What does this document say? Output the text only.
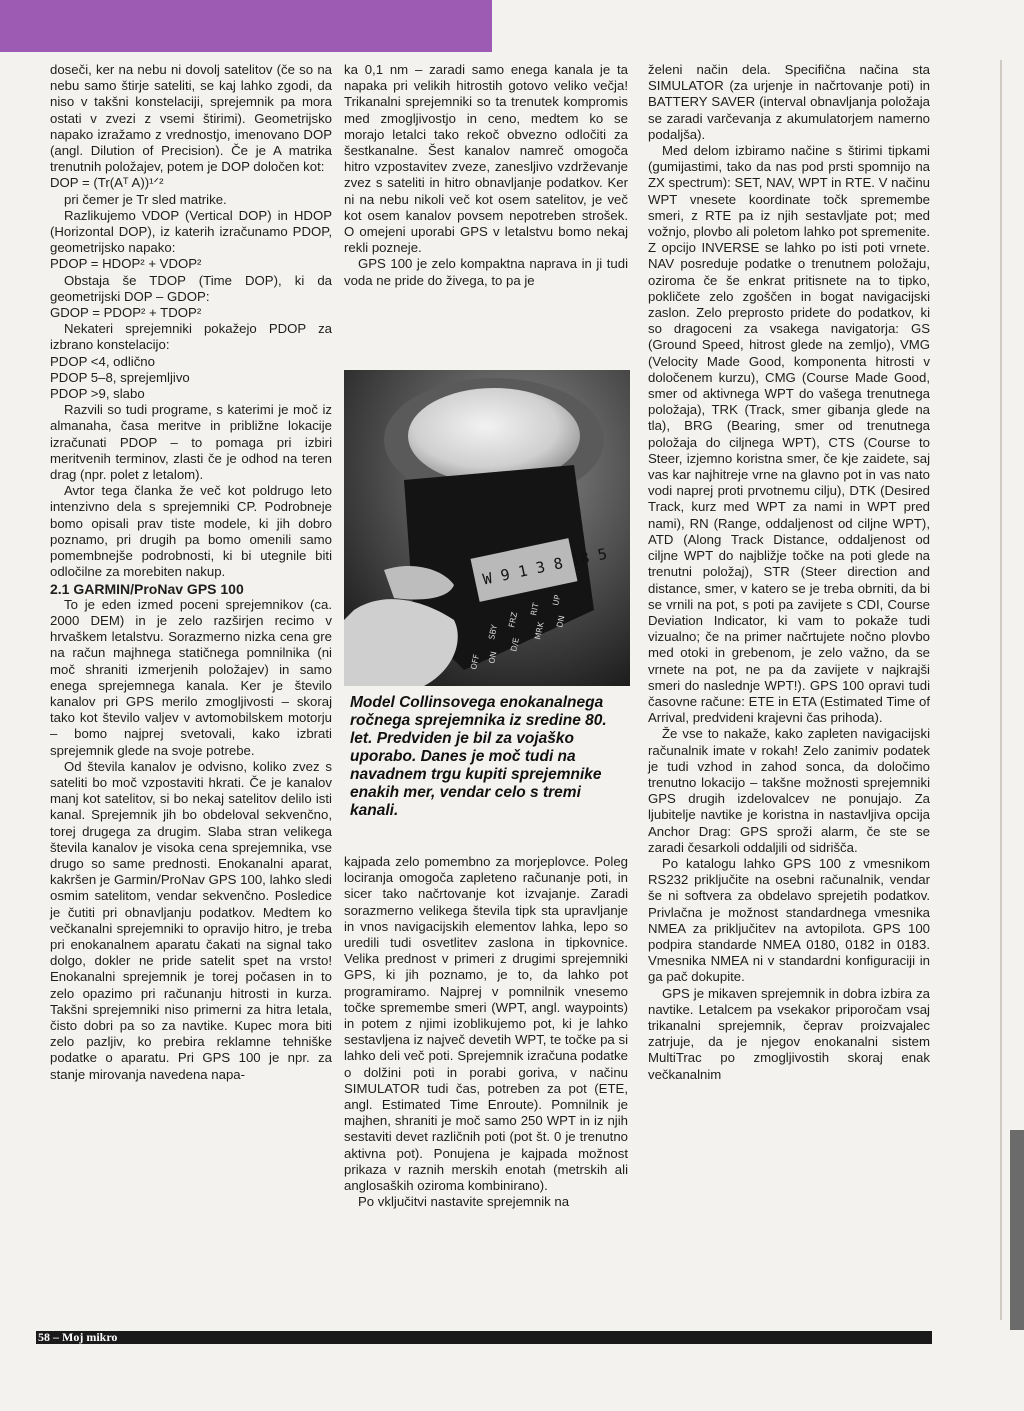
doseči, ker na nebu ni dovolj satelitov (če so na nebu samo štirje sateliti, se kaj lahko zgodi, da niso v takšni konstelaciji, sprejemnik pa mora ostati v zvezi z vsemi štirimi). Geometrijsko napako izražamo z vrednostjo, imenovano DOP (angl. Dilution of Precision). Če je A matrika trenutnih položajev, potem je DOP določen kot:

DOP = (Tr(Aᵀ A))¹ᐟ²

pri čemer je Tr sled matrike.

Razlikujemo VDOP (Vertical DOP) in HDOP (Horizontal DOP), iz katerih izračunamo PDOP, geometrijsko napako:

PDOP = HDOP² + VDOP²

Obstaja še TDOP (Time DOP), ki da geometrijski DOP – GDOP:

GDOP = PDOP² + TDOP²

Nekateri sprejemniki pokažejo PDOP za izbrano konstelacijo:

PDOP <4, odlično

PDOP 5–8, sprejemljivo

PDOP >9, slabo

Razvili so tudi programe, s katerimi je moč iz almanaha, časa meritve in približne lokacije izračunati PDOP – to pomaga pri izbiri meritvenih terminov, zlasti če je odhod na teren drag (npr. polet z letalom).

Avtor tega članka že več kot poldrugo leto intenzivno dela s sprejemniki CP. Podrobneje bomo opisali prav tiste modele, ki jih dobro poznamo, pri drugih pa bomo omenili samo pomembnejše podrobnosti, ki bi utegnile biti odločilne za morebiten nakup.

2.1 GARMIN/ProNav GPS 100

To je eden izmed poceni sprejemnikov (ca. 2000 DEM) in je zelo razširjen recimo v hrvaškem letalstvu. Sorazmerno nizka cena gre na račun majhnega statičnega pomnilnika (ni moč shraniti izmerjenih položajev) in samo enega sprejemnega kanala. Ker je število kanalov pri GPS merilo zmogljivosti – skoraj tako kot število valjev v avtomobilskem motorju – bomo najprej svetovali, kako izbrati sprejemnik glede na svoje potrebe.

Od števila kanalov je odvisno, koliko zvez s sateliti bo moč vzpostaviti hkrati. Če je kanalov manj kot satelitov, si bo nekaj satelitov delilo isti kanal. Sprejemnik jih bo obdeloval sekvenčno, torej drugega za drugim. Slaba stran velikega števila kanalov je visoka cena sprejemnika, vse drugo so same prednosti. Enokanalni aparat, kakršen je Garmin/ProNav GPS 100, lahko sledi osmim satelitom, vendar sekvenčno. Posledice je čutiti pri obnavljanju podatkov. Medtem ko večkanalni sprejemniki to opravijo hitro, je treba pri enokanalnem aparatu čakati na signal tako dolgo, dokler ne pride satelit spet na vrsto! Enokanalni sprejemnik je torej počasen in to zelo opazimo pri računanju hitrosti in kurza. Takšni sprejemniki niso primerni za hitra letala, čisto dobri pa so za navtike. Kupec mora biti zelo pazljiv, ko prebira reklamne tehniške podatke o aparatu. Pri GPS 100 je npr. za stanje mirovanja navedena napa-

ka 0,1 nm – zaradi samo enega kanala je ta napaka pri velikih hitrostih gotovo veliko večja! Trikanalni sprejemniki so ta trenutek kompromis med zmogljivostjo in ceno, medtem ko se morajo letalci tako rekoč obvezno odločiti za šestkanalne. Šest kanalov namreč omogoča hitro vzpostavitev zveze, zanesljivo vzdrževanje zvez s sateliti in hitro obnavljanje podatkov. Ker ni na nebu nikoli več kot osem satelitov, je več kot osem kanalov povsem nepotreben strošek. O omejeni uporabi GPS v letalstvu bomo nekaj rekli pozneje.

GPS 100 je zelo kompaktna naprava in ji tudi voda ne pride do živega, to pa je

W 9 1 3 8 18 5
SBY
FRZ
RIT
UP
ON
D/E
MRK DN
OFF
Model Collinsovega enokanalnega ročnega sprejemnika iz sredine 80. let. Predviden je bil za vojaško uporabo. Danes je moč tudi na navadnem trgu kupiti sprejemnike enakih mer, vendar celo s tremi kanali.

kajpada zelo pomembno za morjeplovce. Poleg lociranja omogoča zapleteno računanje poti, in sicer tako načrtovanje kot izvajanje. Zaradi sorazmerno velikega števila tipk sta upravljanje in vnos navigacijskih elementov lahka, lepo so uredili tudi osvetlitev zaslona in tipkovnice. Velika prednost v primeri z drugimi sprejemniki GPS, ki jih poznamo, je to, da lahko pot programiramo. Najprej v pomnilnik vnesemo točke spremembe smeri (WPT, angl. waypoints) in potem z njimi izoblikujemo pot, ki je lahko sestavljena iz največ devetih WPT, te točke pa si lahko deli več poti. Sprejemnik izračuna podatke o dolžini poti in porabi goriva, v načinu SIMULATOR tudi čas, potreben za pot (ETE, angl. Estimated Time Enroute). Pomnilnik je majhen, shraniti je moč samo 250 WPT in iz njih sestaviti devet različnih poti (pot št. 0 je trenutno aktivna pot). Ponujena je kajpada možnost prikaza v raznih merskih enotah (metrskih ali anglosaških oziroma kombinirano).

Po vključitvi nastavite sprejemnik na

želeni način dela. Specifična načina sta SIMULATOR (za urjenje in načrtovanje poti) in BATTERY SAVER (interval obnavljanja položaja se zaradi varčevanja z akumulatorjem namerno podaljša).

Med delom izbiramo načine s štirimi tipkami (gumijastimi, tako da nas pod prsti spomnijo na ZX spectrum): SET, NAV, WPT in RTE. V načinu WPT vnesete koordinate točk spremembe smeri, z RTE pa iz njih sestavljate pot; med vožnjo, plovbo ali poletom lahko pot spremenite. Z opcijo INVERSE se lahko po isti poti vrnete. NAV posreduje podatke o trenutnem položaju, oziroma če še enkrat pritisnete na to tipko, pokličete zelo zgoščen in bogat navigacijski zaslon. Zelo preprosto pridete do podatkov, ki so dragoceni za vsakega navigatorja: GS (Ground Speed, hitrost glede na zemljo), VMG (Velocity Made Good, komponenta hitrosti v določenem kurzu), CMG (Course Made Good, smer od aktivnega WPT do vašega trenutnega položaja), TRK (Track, smer gibanja glede na tla), BRG (Bearing, smer od trenutnega položaja do ciljnega WPT), CTS (Course to Steer, izjemno koristna smer, če kje zaidete, saj vas kar najhitreje vrne na glavno pot in vas nato vodi naprej proti prvotnemu cilju), DTK (Desired Track, kurz med WPT za nami in WPT pred nami), RN (Range, oddaljenost od ciljne WPT), ATD (Along Track Distance, oddaljenost od ciljne WPT do najbližje točke na poti glede na trenutni položaj), STR (Steer direction and distance, smer, v katero se je treba obrniti, da bi se vrnili na pot, s poti pa zavijete s CDI, Course Deviation Indicator, ki vam to pokaže tudi vizualno; če na primer načrtujete nočno plovbo med otoki in grebenom, je zelo važno, da se vrnete na pot, ne pa da zavijete v najkrajši smeri do naslednje WPT!). GPS 100 opravi tudi časovne račune: ETE in ETA (Estimated Time of Arrival, predvideni krajevni čas prihoda).

Že vse to nakaže, kako zapleten navigacijski računalnik imate v rokah! Zelo zanimiv podatek je tudi vzhod in zahod sonca, da določimo trenutno lokacijo – takšne možnosti sprejemniki GPS drugih izdelovalcev ne ponujajo. Za ljubitelje navtike je koristna in nastavljiva opcija Anchor Drag: GPS sproži alarm, če ste se zaradi česarkoli oddaljili od sidrišča.

Po katalogu lahko GPS 100 z vmesnikom RS232 priključite na osebni računalnik, vendar še ni softvera za obdelavo sprejetih podatkov. Privlačna je možnost standardnega vmesnika NMEA za priključitev na avtopilota. GPS 100 podpira standarde NMEA 0180, 0182 in 0183. Vmesnika NMEA ni v standardni konfiguraciji in ga pač dokupite.

GPS je mikaven sprejemnik in dobra izbira za navtike. Letalcem pa vsekakor priporočam vsaj trikanalni sprejemnik, čeprav proizvajalec zatrjuje, da je njegov enokanalni sistem MultiTrac po zmogljivostih skoraj enak večkanalnim

58 – Moj mikro
